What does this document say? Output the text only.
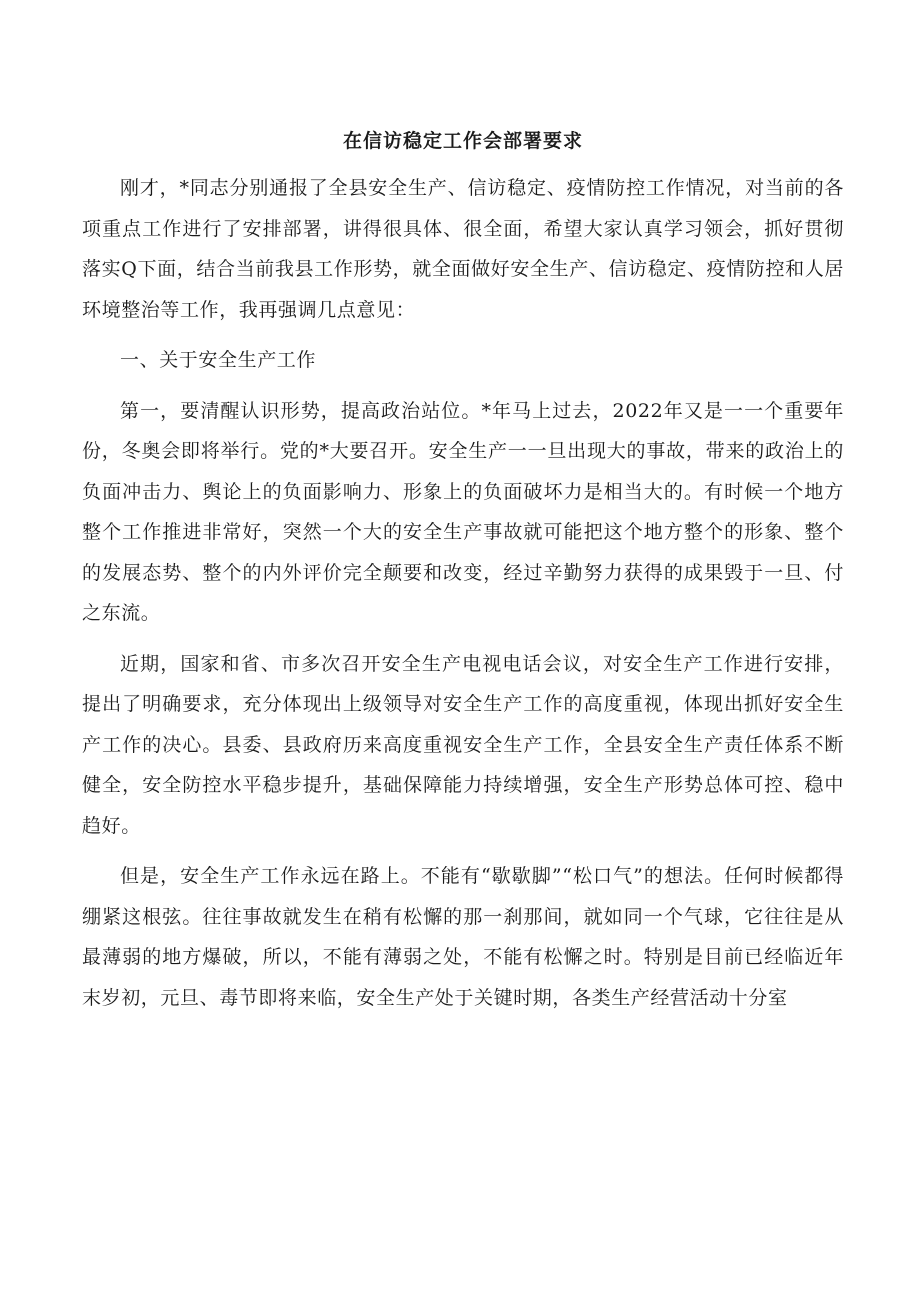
在信访稳定工作会部署要求

刚才，*同志分别通报了全县安全生产、信访稳定、疫情防控工作情况，对当前的各项重点工作进行了安排部署，讲得很具体、很全面，希望大家认真学习领会，抓好贯彻落实Q下面，结合当前我县工作形势，就全面做好安全生产、信访稳定、疫情防控和人居环境整治等工作，我再强调几点意见：

一、关于安全生产工作

第一，要清醒认识形势，提高政治站位。*年马上过去，2022年又是一一个重要年份，冬奥会即将举行。党的*大要召开。安全生产一一旦出现大的事故，带来的政治上的负面冲击力、舆论上的负面影响力、形象上的负面破坏力是相当大的。有时候一个地方整个工作推进非常好，突然一个大的安全生产事故就可能把这个地方整个的形象、整个的发展态势、整个的内外评价完全颠要和改变，经过辛勤努力获得的成果毁于一旦、付之东流。

近期，国家和省、市多次召开安全生产电视电话会议，对安全生产工作进行安排，提出了明确要求，充分体现出上级领导对安全生产工作的高度重视，体现出抓好安全生产工作的决心。县委、县政府历来高度重视安全生产工作，全县安全生产责任体系不断健全，安全防控水平稳步提升，基础保障能力持续增强，安全生产形势总体可控、稳中趋好。

但是，安全生产工作永远在路上。不能有“歇歇脚”“松口气”的想法。任何时候都得绷紧这根弦。往往事故就发生在稍有松懈的那一刹那间，就如同一个气球，它往往是从最薄弱的地方爆破，所以，不能有薄弱之处，不能有松懈之时。特别是目前已经临近年末岁初，元旦、毒节即将来临，安全生产处于关键时期，各类生产经营活动十分室
